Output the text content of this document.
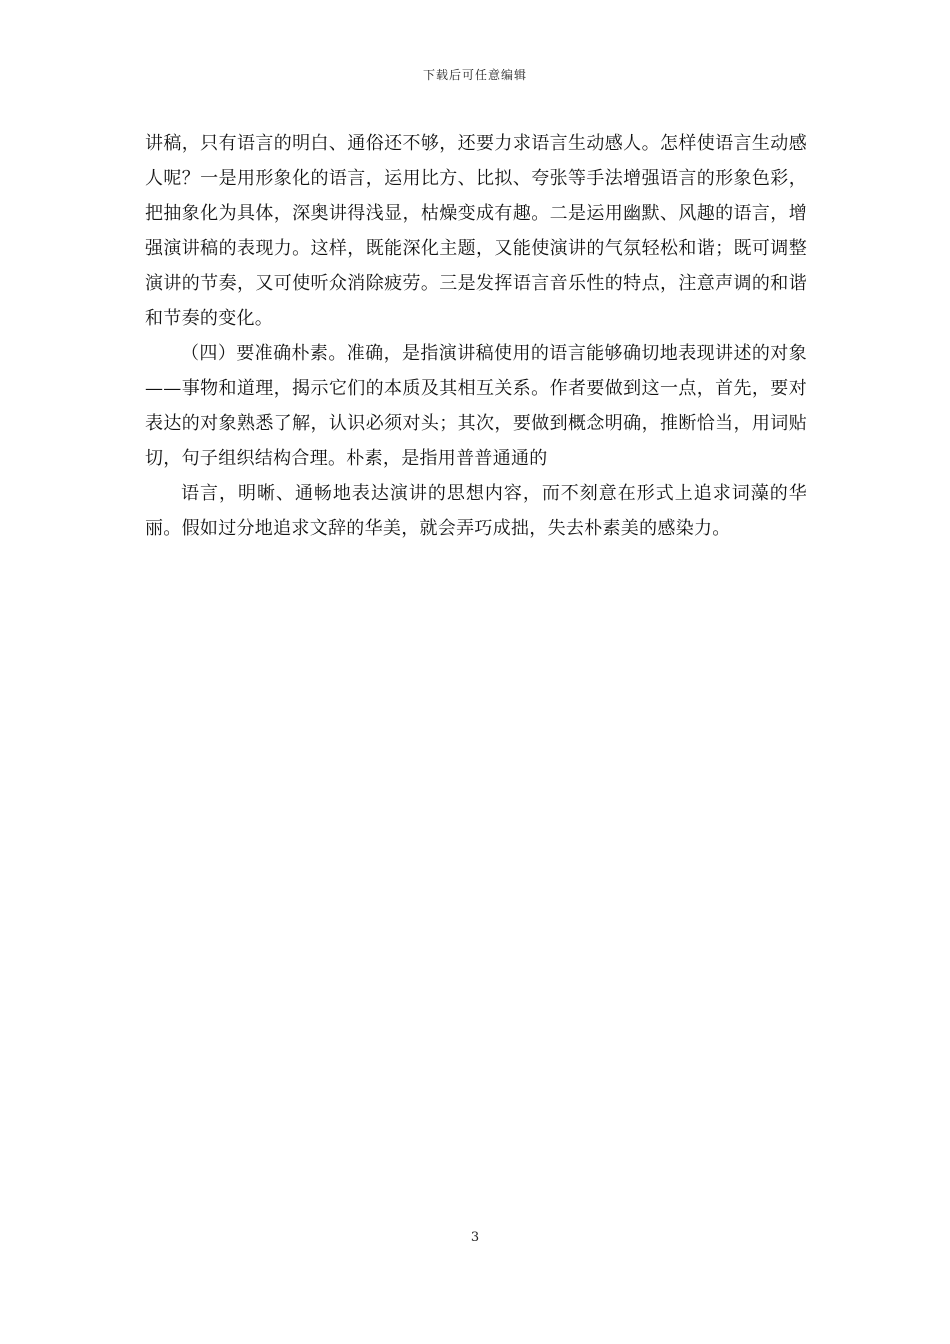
下载后可任意编辑

讲稿，只有语言的明白、通俗还不够，还要力求语言生动感人。怎样使语言生动感人呢？一是用形象化的语言，运用比方、比拟、夸张等手法增强语言的形象色彩，把抽象化为具体，深奥讲得浅显，枯燥变成有趣。二是运用幽默、风趣的语言，增强演讲稿的表现力。这样，既能深化主题，又能使演讲的气氛轻松和谐；既可调整演讲的节奏，又可使听众消除疲劳。三是发挥语言音乐性的特点，注意声调的和谐和节奏的变化。

（四）要准确朴素。准确，是指演讲稿使用的语言能够确切地表现讲述的对象——事物和道理，揭示它们的本质及其相互关系。作者要做到这一点，首先，要对表达的对象熟悉了解，认识必须对头；其次，要做到概念明确，推断恰当，用词贴切，句子组织结构合理。朴素，是指用普普通通的

语言，明晰、通畅地表达演讲的思想内容，而不刻意在形式上追求词藻的华丽。假如过分地追求文辞的华美，就会弄巧成拙，失去朴素美的感染力。

3
